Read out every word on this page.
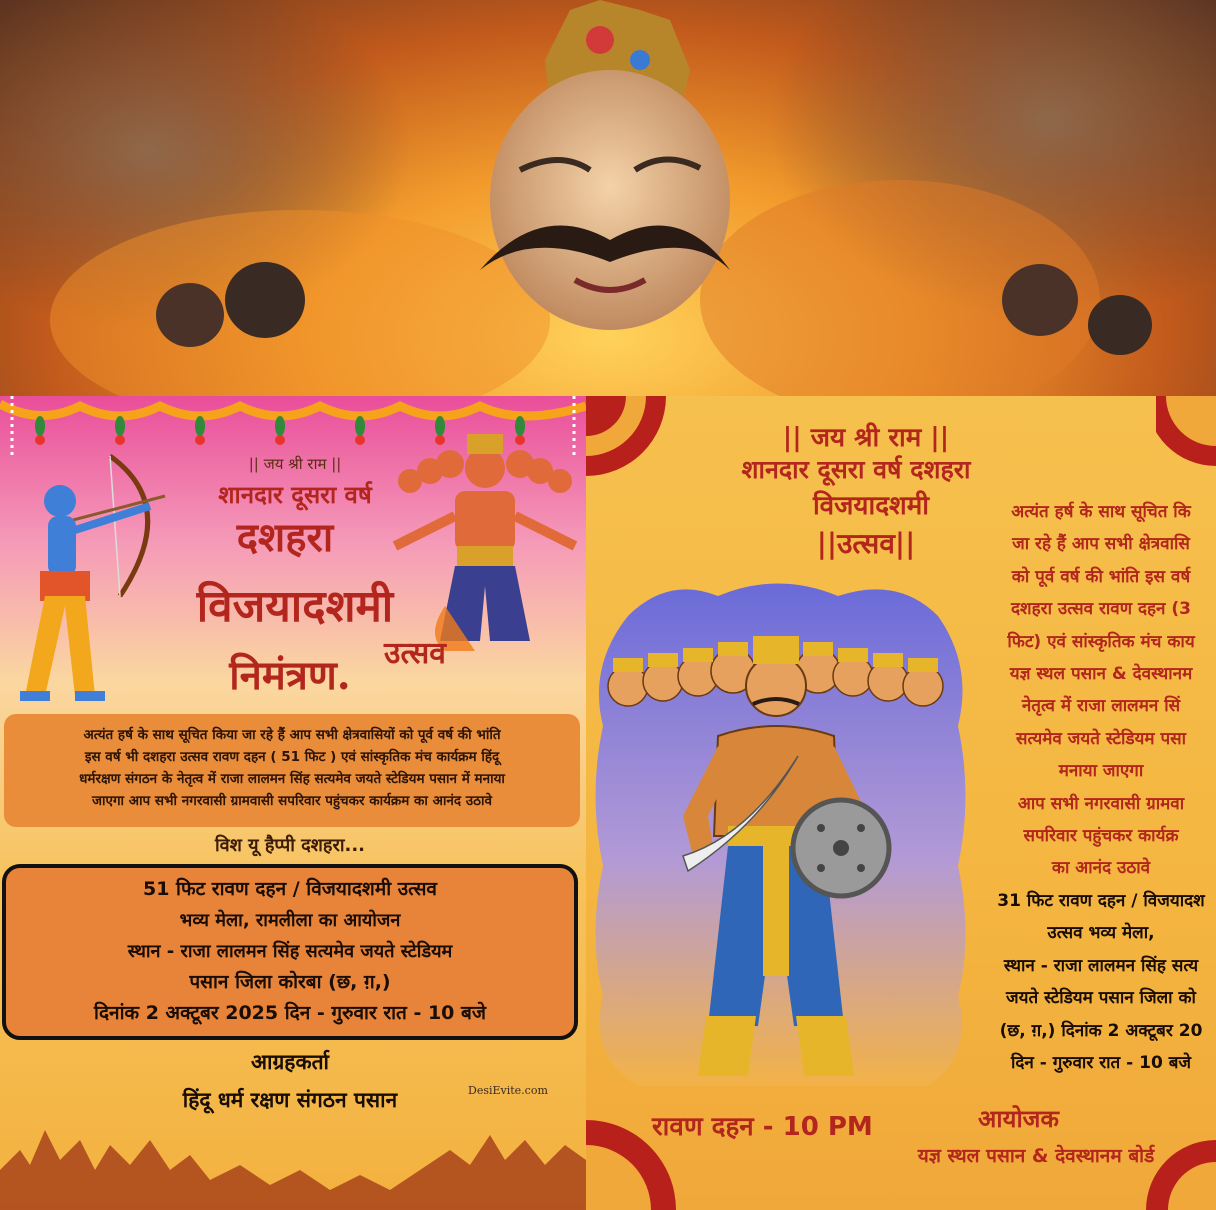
|| जय श्री राम ||
शानदार दूसरा वर्ष
दशहरा
विजयादशमी
उत्सव
निमंत्रण.
अत्यंत हर्ष के साथ सूचित किया जा रहे हैं आप सभी क्षेत्रवासियों को पूर्व वर्ष की भांति
इस वर्ष भी दशहरा उत्सव रावण दहन ( 51 फिट ) एवं सांस्कृतिक मंच कार्यक्रम हिंदू
धर्मरक्षण संगठन के नेतृत्व में राजा लालमन सिंह सत्यमेव जयते स्टेडियम पसान में मनाया
जाएगा आप सभी नगरवासी ग्रामवासी सपरिवार पहुंचकर कार्यक्रम का आनंद उठावे
विश यू हैप्पी दशहरा...
51 फिट रावण दहन / विजयादशमी उत्सव
भव्य मेला, रामलीला का आयोजन
स्थान - राजा लालमन सिंह सत्यमेव जयते स्टेडियम
पसान जिला कोरबा (छ, ग़,)
दिनांक 2 अक्टूबर 2025 दिन - गुरुवार रात - 10 बजे
आग्रहकर्ता
हिंदू धर्म रक्षण संगठन पसान	DesiEvite.com
|| जय श्री राम ||
शानदार दूसरा वर्ष दशहरा
विजयादशमी
||उत्सव||
अत्यंत हर्ष के साथ सूचित कि
जा रहे हैं आप सभी क्षेत्रवासि
को पूर्व वर्ष की भांति इस वर्ष
दशहरा उत्सव रावण दहन (3
फिट) एवं सांस्कृतिक मंच काय
यज्ञ स्थल पसान & देवस्थानम
नेतृत्व में राजा लालमन सिं
सत्यमेव जयते स्टेडियम पसा
मनाया जाएगा
आप सभी नगरवासी ग्रामवा
सपरिवार पहुंचकर कार्यक्र
का आनंद उठावे
31 फिट रावण दहन / विजयादश
उत्सव भव्य मेला,
स्थान - राजा लालमन सिंह सत्य
जयते स्टेडियम पसान जिला को
(छ, ग़,) दिनांक 2 अक्टूबर 20
दिन - गुरुवार रात - 10 बजे
रावण दहन - 10 PM	आयोजक
यज्ञ स्थल पसान & देवस्थानम बोर्ड
